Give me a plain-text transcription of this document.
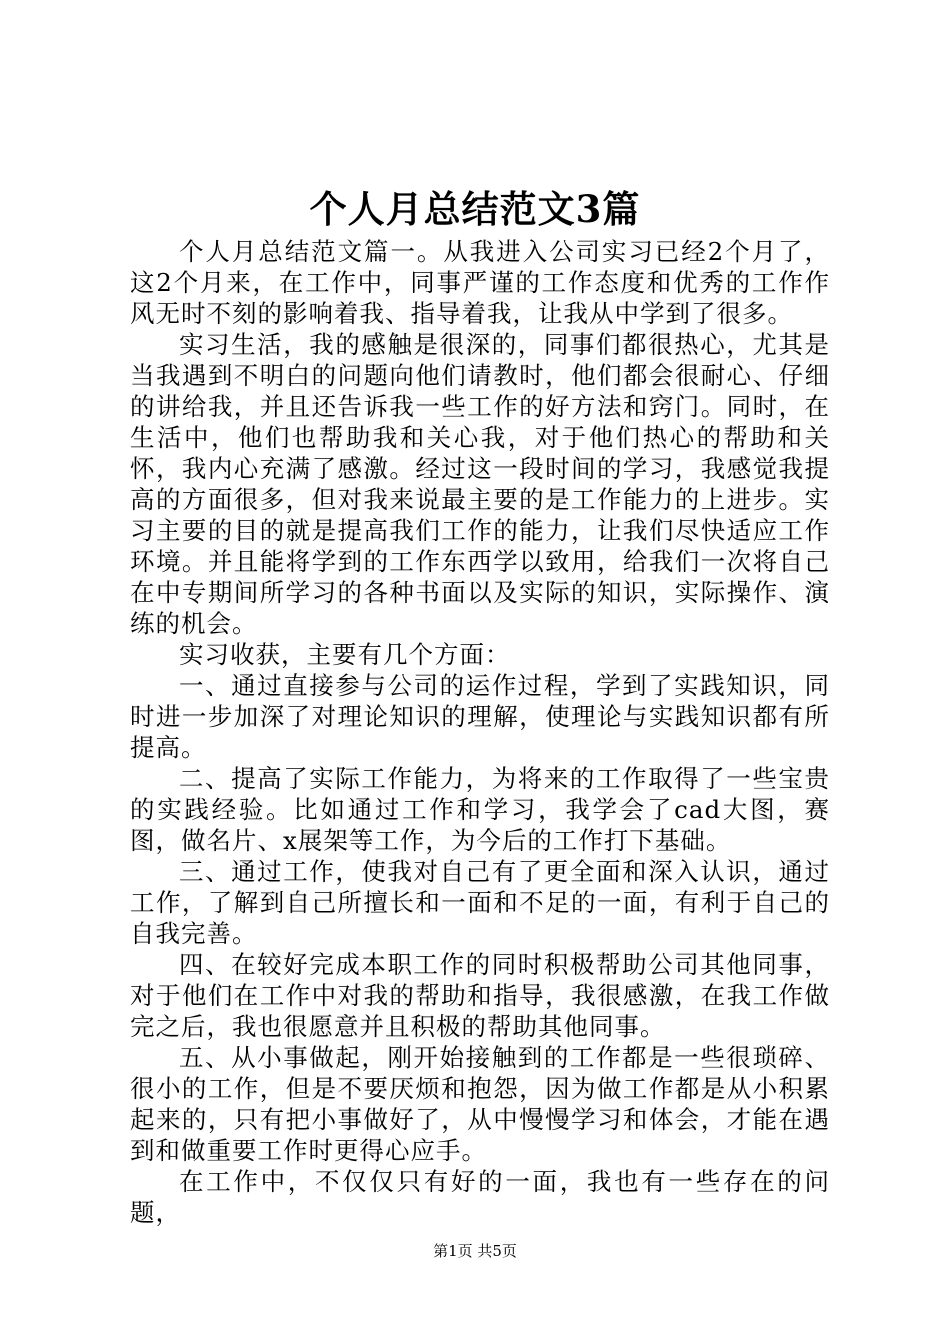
个人月总结范文3篇

个人月总结范文篇一。从我进入公司实习已经2个月了，这2个月来，在工作中，同事严谨的工作态度和优秀的工作作风无时不刻的影响着我、指导着我，让我从中学到了很多。

实习生活，我的感触是很深的，同事们都很热心，尤其是当我遇到不明白的问题向他们请教时，他们都会很耐心、仔细的讲给我，并且还告诉我一些工作的好方法和窍门。同时，在生活中，他们也帮助我和关心我，对于他们热心的帮助和关怀，我内心充满了感激。经过这一段时间的学习，我感觉我提高的方面很多，但对我来说最主要的是工作能力的上进步。实习主要的目的就是提高我们工作的能力，让我们尽快适应工作环境。并且能将学到的工作东西学以致用，给我们一次将自己在中专期间所学习的各种书面以及实际的知识，实际操作、演练的机会。

实习收获，主要有几个方面：

一、通过直接参与公司的运作过程，学到了实践知识，同时进一步加深了对理论知识的理解，使理论与实践知识都有所提高。

二、提高了实际工作能力，为将来的工作取得了一些宝贵的实践经验。比如通过工作和学习，我学会了cad大图，赛图，做名片、x展架等工作，为今后的工作打下基础。

三、通过工作，使我对自己有了更全面和深入认识，通过工作，了解到自己所擅长和一面和不足的一面，有利于自己的自我完善。

四、在较好完成本职工作的同时积极帮助公司其他同事，对于他们在工作中对我的帮助和指导，我很感激，在我工作做完之后，我也很愿意并且积极的帮助其他同事。

五、从小事做起，刚开始接触到的工作都是一些很琐碎、很小的工作，但是不要厌烦和抱怨，因为做工作都是从小积累起来的，只有把小事做好了，从中慢慢学习和体会，才能在遇到和做重要工作时更得心应手。

在工作中，不仅仅只有好的一面，我也有一些存在的问题，

第1页 共5页
